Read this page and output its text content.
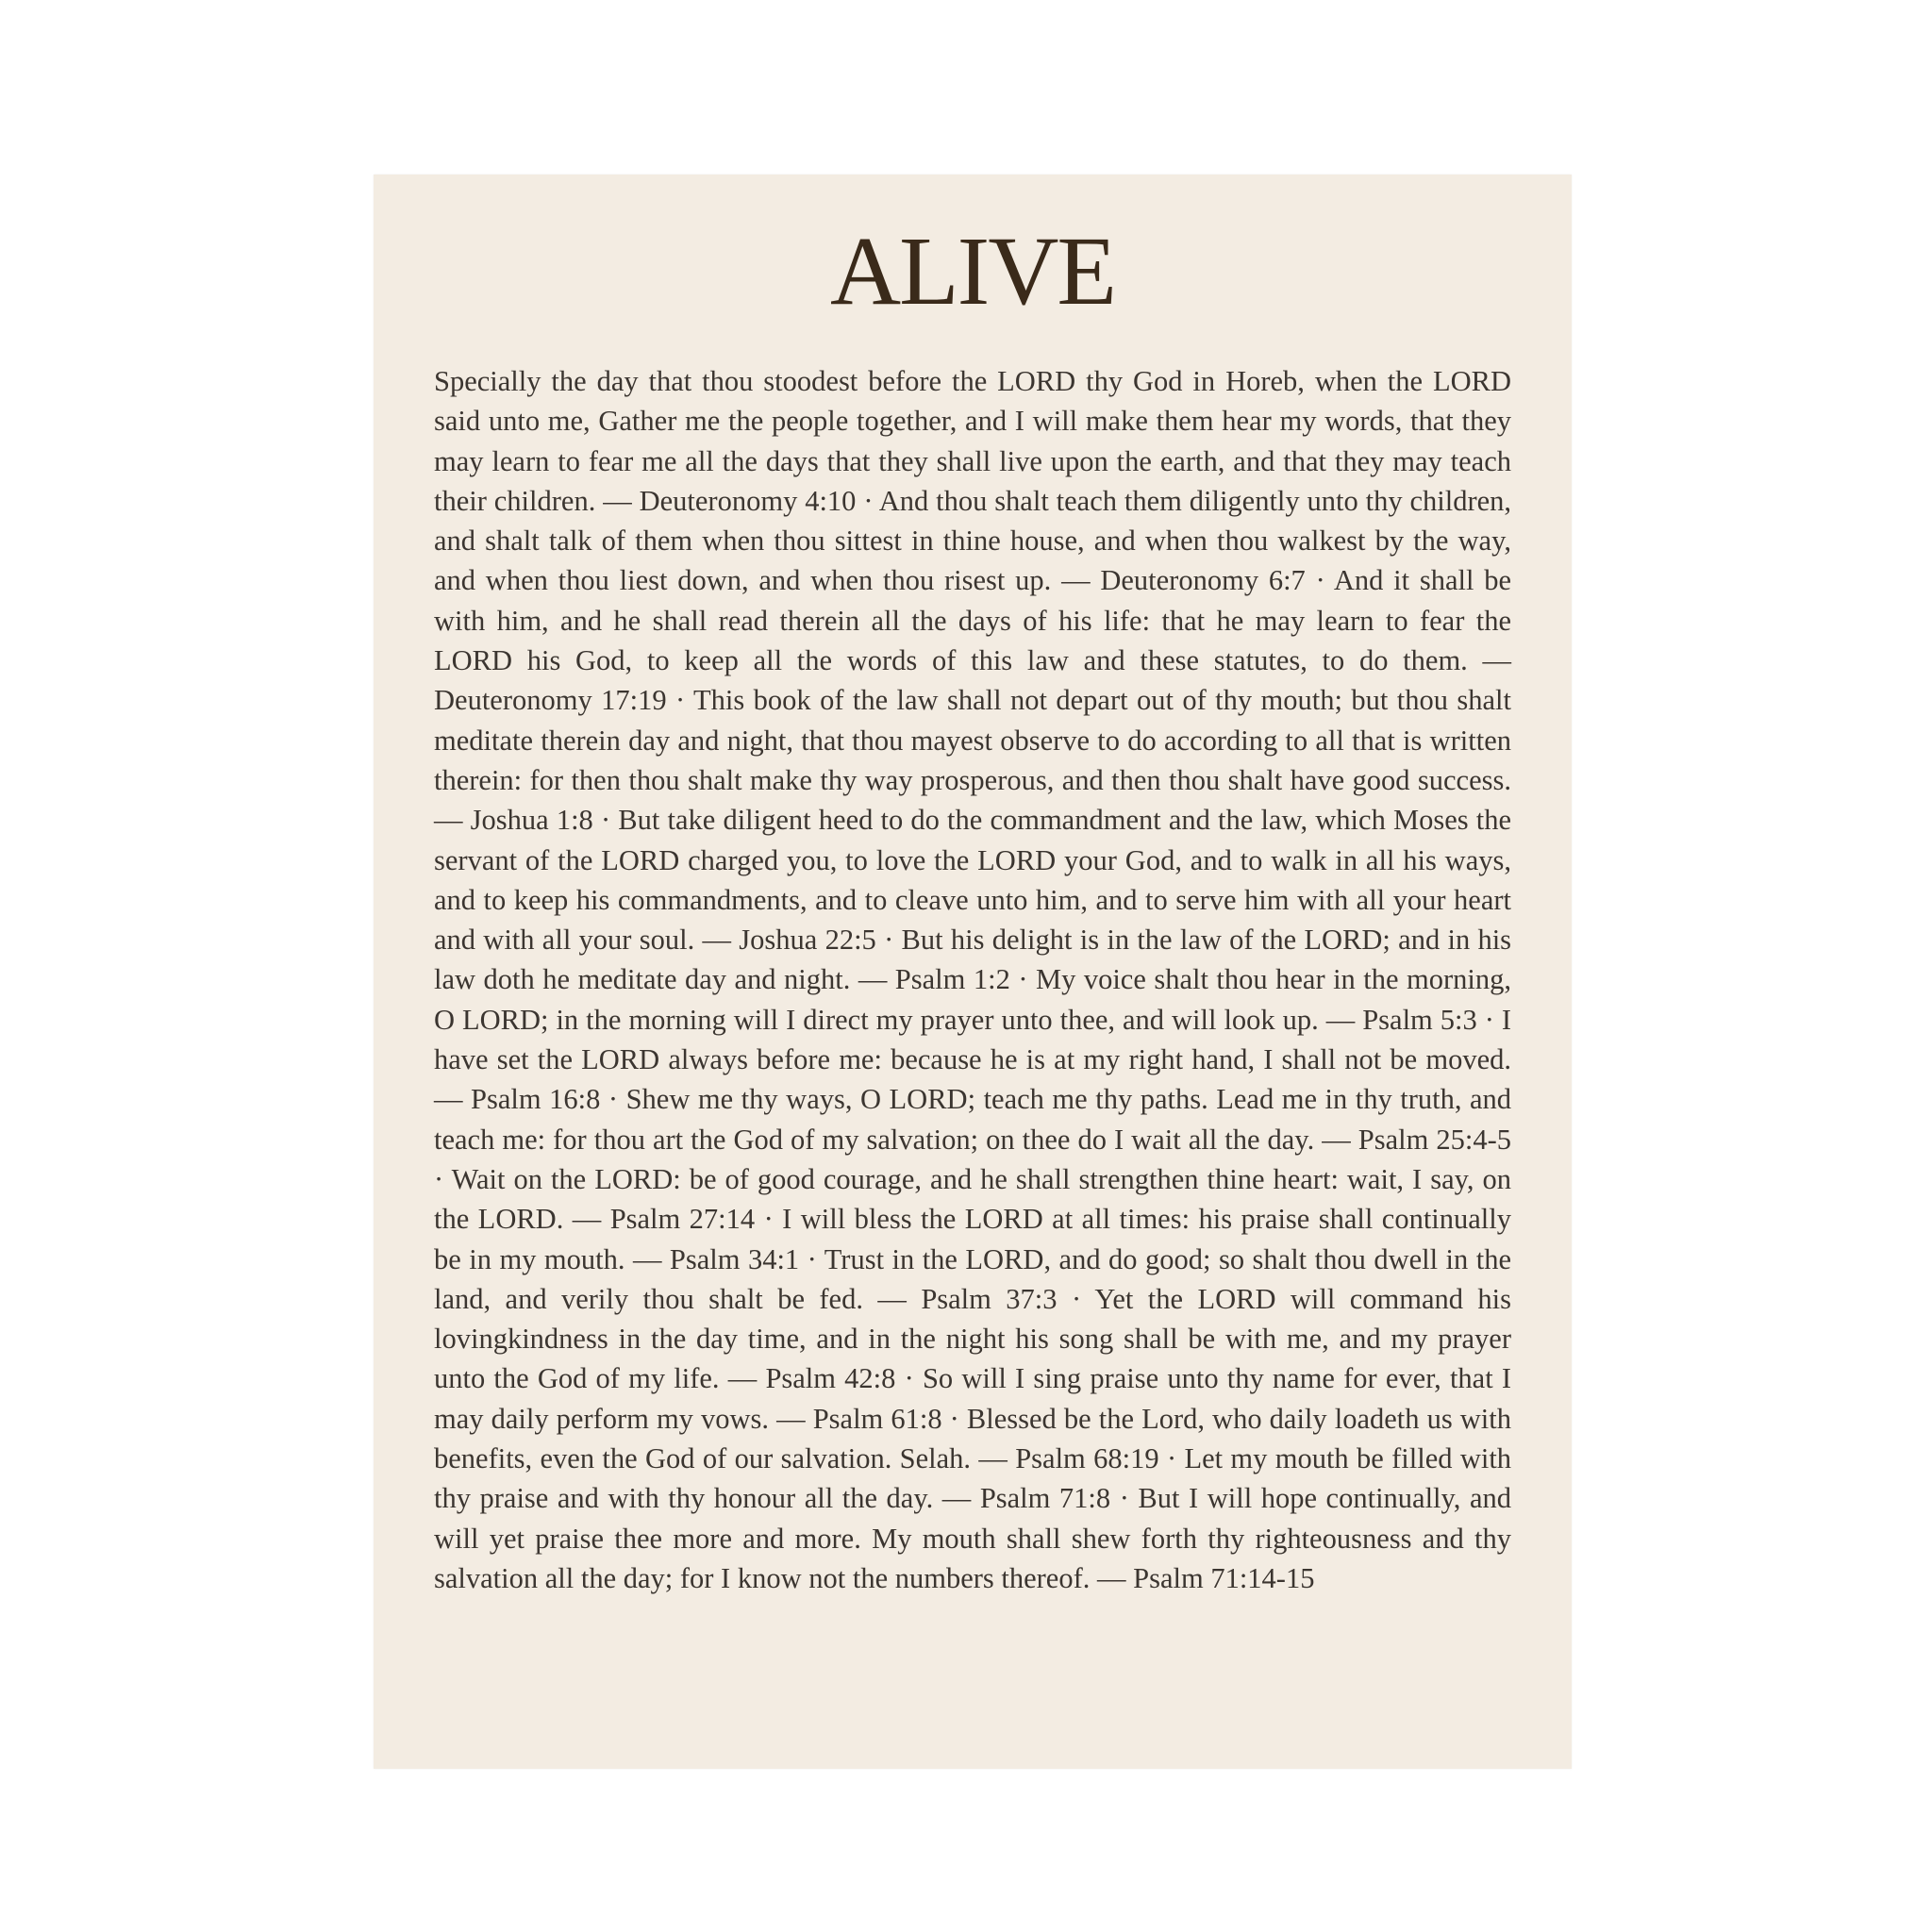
ALIVE

Specially the day that thou stoodest before the LORD thy God in Horeb, when the LORD said unto me, Gather me the people together, and I will make them hear my words, that they may learn to fear me all the days that they shall live upon the earth, and that they may teach their children. — Deuteronomy 4:10 · And thou shalt teach them diligently unto thy children, and shalt talk of them when thou sittest in thine house, and when thou walkest by the way, and when thou liest down, and when thou risest up. — Deuteronomy 6:7 · And it shall be with him, and he shall read therein all the days of his life: that he may learn to fear the LORD his God, to keep all the words of this law and these statutes, to do them. — Deuteronomy 17:19 · This book of the law shall not depart out of thy mouth; but thou shalt meditate therein day and night, that thou mayest observe to do according to all that is written therein: for then thou shalt make thy way prosperous, and then thou shalt have good success. — Joshua 1:8 · But take diligent heed to do the commandment and the law, which Moses the servant of the LORD charged you, to love the LORD your God, and to walk in all his ways, and to keep his commandments, and to cleave unto him, and to serve him with all your heart and with all your soul. — Joshua 22:5 · But his delight is in the law of the LORD; and in his law doth he meditate day and night. — Psalm 1:2 · My voice shalt thou hear in the morning, O LORD; in the morning will I direct my prayer unto thee, and will look up. — Psalm 5:3 · I have set the LORD always before me: because he is at my right hand, I shall not be moved. — Psalm 16:8 · Shew me thy ways, O LORD; teach me thy paths. Lead me in thy truth, and teach me: for thou art the God of my salvation; on thee do I wait all the day. — Psalm 25:4-5 · Wait on the LORD: be of good courage, and he shall strengthen thine heart: wait, I say, on the LORD. — Psalm 27:14 · I will bless the LORD at all times: his praise shall continually be in my mouth. — Psalm 34:1 · Trust in the LORD, and do good; so shalt thou dwell in the land, and verily thou shalt be fed. — Psalm 37:3 · Yet the LORD will command his lovingkindness in the day time, and in the night his song shall be with me, and my prayer unto the God of my life. — Psalm 42:8 · So will I sing praise unto thy name for ever, that I may daily perform my vows. — Psalm 61:8 · Blessed be the Lord, who daily loadeth us with benefits, even the God of our salvation. Selah. — Psalm 68:19 · Let my mouth be filled with thy praise and with thy honour all the day. — Psalm 71:8 · But I will hope continually, and will yet praise thee more and more. My mouth shall shew forth thy righteousness and thy salvation all the day; for I know not the numbers thereof. — Psalm 71:14-15
